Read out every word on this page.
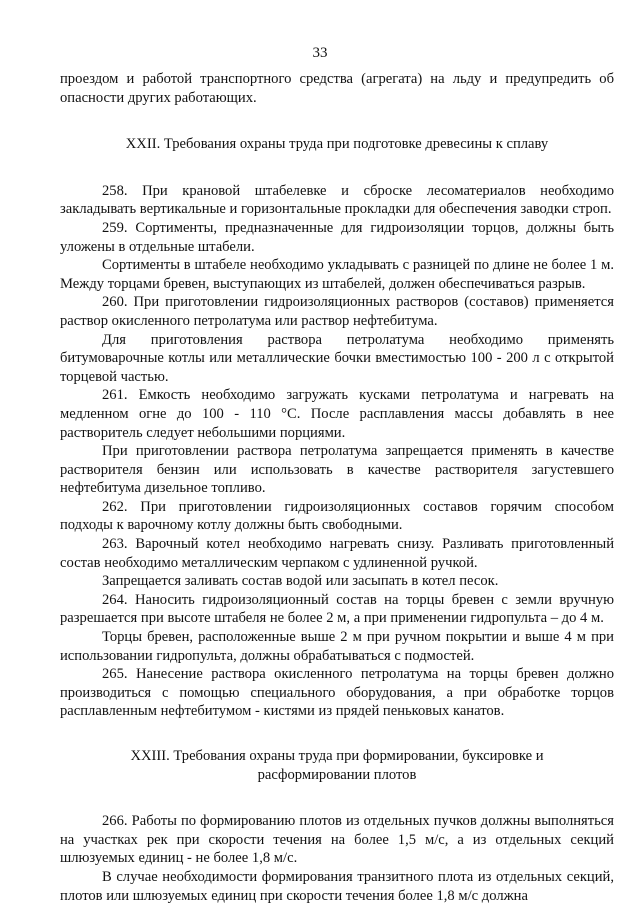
33

проездом и работой транспортного средства (агрегата) на льду и предупредить об опасности других работающих.

XXII. Требования охраны труда при подготовке древесины к сплаву

258. При крановой штабелевке и сброске лесоматериалов необходимо закладывать вертикальные и горизонтальные прокладки для обеспечения заводки строп.

259. Сортименты, предназначенные для гидроизоляции торцов, должны быть уложены в отдельные штабели.

Сортименты в штабеле необходимо укладывать с разницей по длине не более 1 м. Между торцами бревен, выступающих из штабелей, должен обеспечиваться разрыв.

260. При приготовлении гидроизоляционных растворов (составов) применяется раствор окисленного петролатума или раствор нефтебитума.

Для приготовления раствора петролатума необходимо применять битумоварочные котлы или металлические бочки вместимостью 100 - 200 л с открытой торцевой частью.

261. Емкость необходимо загружать кусками петролатума и нагревать на медленном огне до 100 - 110 °С. После расплавления массы добавлять в нее растворитель следует небольшими порциями.

При приготовлении раствора петролатума запрещается применять в качестве растворителя бензин или использовать в качестве растворителя загустевшего нефтебитума дизельное топливо.

262. При приготовлении гидроизоляционных составов горячим способом подходы к варочному котлу должны быть свободными.

263. Варочный котел необходимо нагревать снизу. Разливать приготовленный состав необходимо металлическим черпаком с удлиненной ручкой.

Запрещается заливать состав водой или засыпать в котел песок.

264. Наносить гидроизоляционный состав на торцы бревен с земли вручную разрешается при высоте штабеля не более 2 м, а при применении гидропульта – до 4 м.

Торцы бревен, расположенные выше 2 м при ручном покрытии и выше 4 м при использовании гидропульта, должны обрабатываться с подмостей.

265. Нанесение раствора окисленного петролатума на торцы бревен должно производиться с помощью специального оборудования, а при обработке торцов расплавленным нефтебитумом - кистями из прядей пеньковых канатов.

XXIII. Требования охраны труда при формировании, буксировке и
расформировании плотов

266. Работы по формированию плотов из отдельных пучков должны выполняться на участках рек при скорости течения на более 1,5 м/с, а из отдельных секций шлюзуемых единиц - не более 1,8 м/с.

В случае необходимости формирования транзитного плота из отдельных секций, плотов или шлюзуемых единиц при скорости течения более 1,8 м/с должна
